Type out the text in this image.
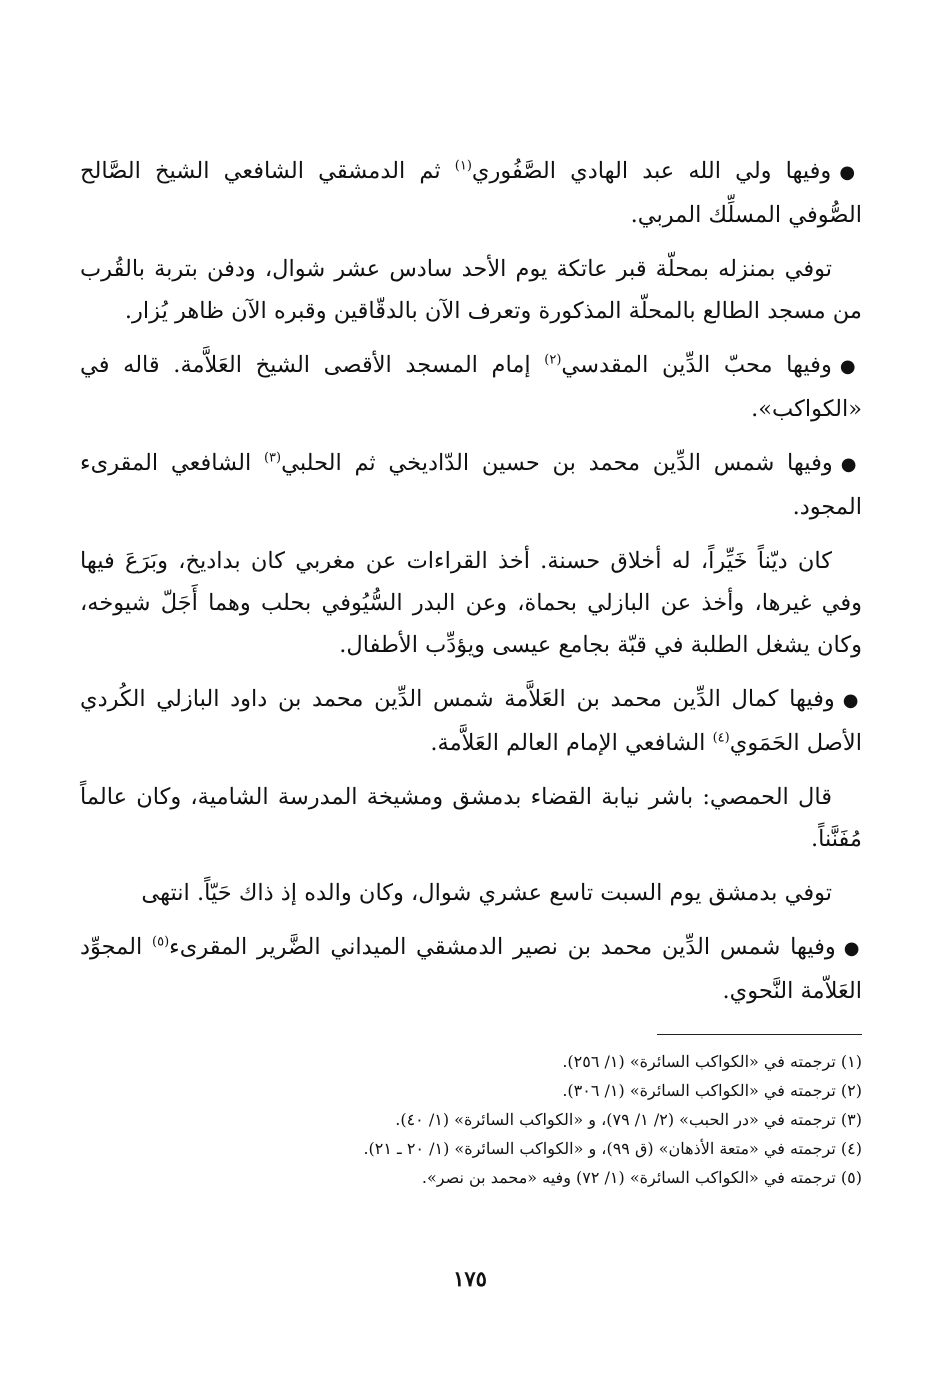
●وفيها ولي الله عبد الهادي الصَّفُوري$^{(١)}$ ثم الدمشقي الشافعي الشيخ الصَّالح الصُّوفي المسلِّك المربي.

توفي بمنزله بمحلّة قبر عاتكة يوم الأحد سادس عشر شوال، ودفن بتربة بالقُرب من مسجد الطالع بالمحلّة المذكورة وتعرف الآن بالدقّاقين وقبره الآن ظاهر يُزار.

●وفيها محبّ الدِّين المقدسي$^{(٢)}$ إمام المسجد الأقصى الشيخ العَلاَّمة. قاله في «الكواكب».

●وفيها شمس الدِّين محمد بن حسين الدّاديخي ثم الحلبي$^{(٣)}$ الشافعي المقرىء المجود.

كان ديّناً خَيِّراً، له أخلاق حسنة. أخذ القراءات عن مغربي كان بداديخ، وبَرَعَ فيها وفي غيرها، وأخذ عن البازلي بحماة، وعن البدر السُّيُوفي بحلب وهما أَجَلّ شيوخه، وكان يشغل الطلبة في قبّة بجامع عيسى ويؤدِّب الأطفال.

●وفيها كمال الدِّين محمد بن العَلاَّمة شمس الدِّين محمد بن داود البازلي الكُردي الأصل الحَمَوي$^{(٤)}$ الشافعي الإمام العالم العَلاَّمة.

قال الحمصي: باشر نيابة القضاء بدمشق ومشيخة المدرسة الشامية، وكان عالماً مُفَنَّناً.

توفي بدمشق يوم السبت تاسع عشري شوال، وكان والده إذ ذاك حَيّاً. انتهى

●وفيها شمس الدِّين محمد بن نصير الدمشقي الميداني الضَّرير المقرىء$^{(٥)}$ المجوِّد العَلاّمة النَّحوي.

(١) ترجمته في «الكواكب السائرة» (١/ ٢٥٦).
(٢) ترجمته في «الكواكب السائرة» (١/ ٣٠٦).
(٣) ترجمته في «در الحبب» (٢/ ١/ ٧٩)، و «الكواكب السائرة» (١/ ٤٠).
(٤) ترجمته في «متعة الأذهان» (ق ٩٩)، و «الكواكب السائرة» (١/ ٢٠ ـ ٢١).
(٥) ترجمته في «الكواكب السائرة» (١/ ٧٢) وفيه «محمد بن نصر».
١٧٥
